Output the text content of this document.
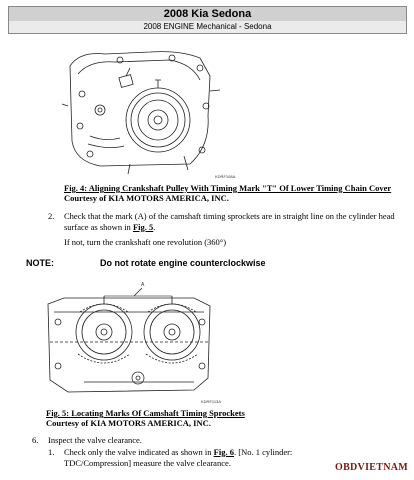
2008 Kia Sedona
2008 ENGINE Mechanical - Sedona
KDRF108A
Fig. 4: Aligning Crankshaft Pulley With Timing Mark "T" Of Lower Timing Chain Cover
Courtesy of KIA MOTORS AMERICA, INC.
2. Check that the mark (A) of the camshaft timing sprockets are in straight line on the cylinder head surface as shown in Fig. 5.
If not, turn the crankshaft one revolution (360°)
NOTE:	Do not rotate engine counterclockwise
A
KDRF113A
Fig. 5: Locating Marks Of Camshaft Timing Sprockets
Courtesy of KIA MOTORS AMERICA, INC.
6. Inspect the valve clearance.
1. Check only the valve indicated as shown in Fig. 6. [No. 1 cylinder: TDC/Compression] measure the valve clearance.	OBDVIETNAM
